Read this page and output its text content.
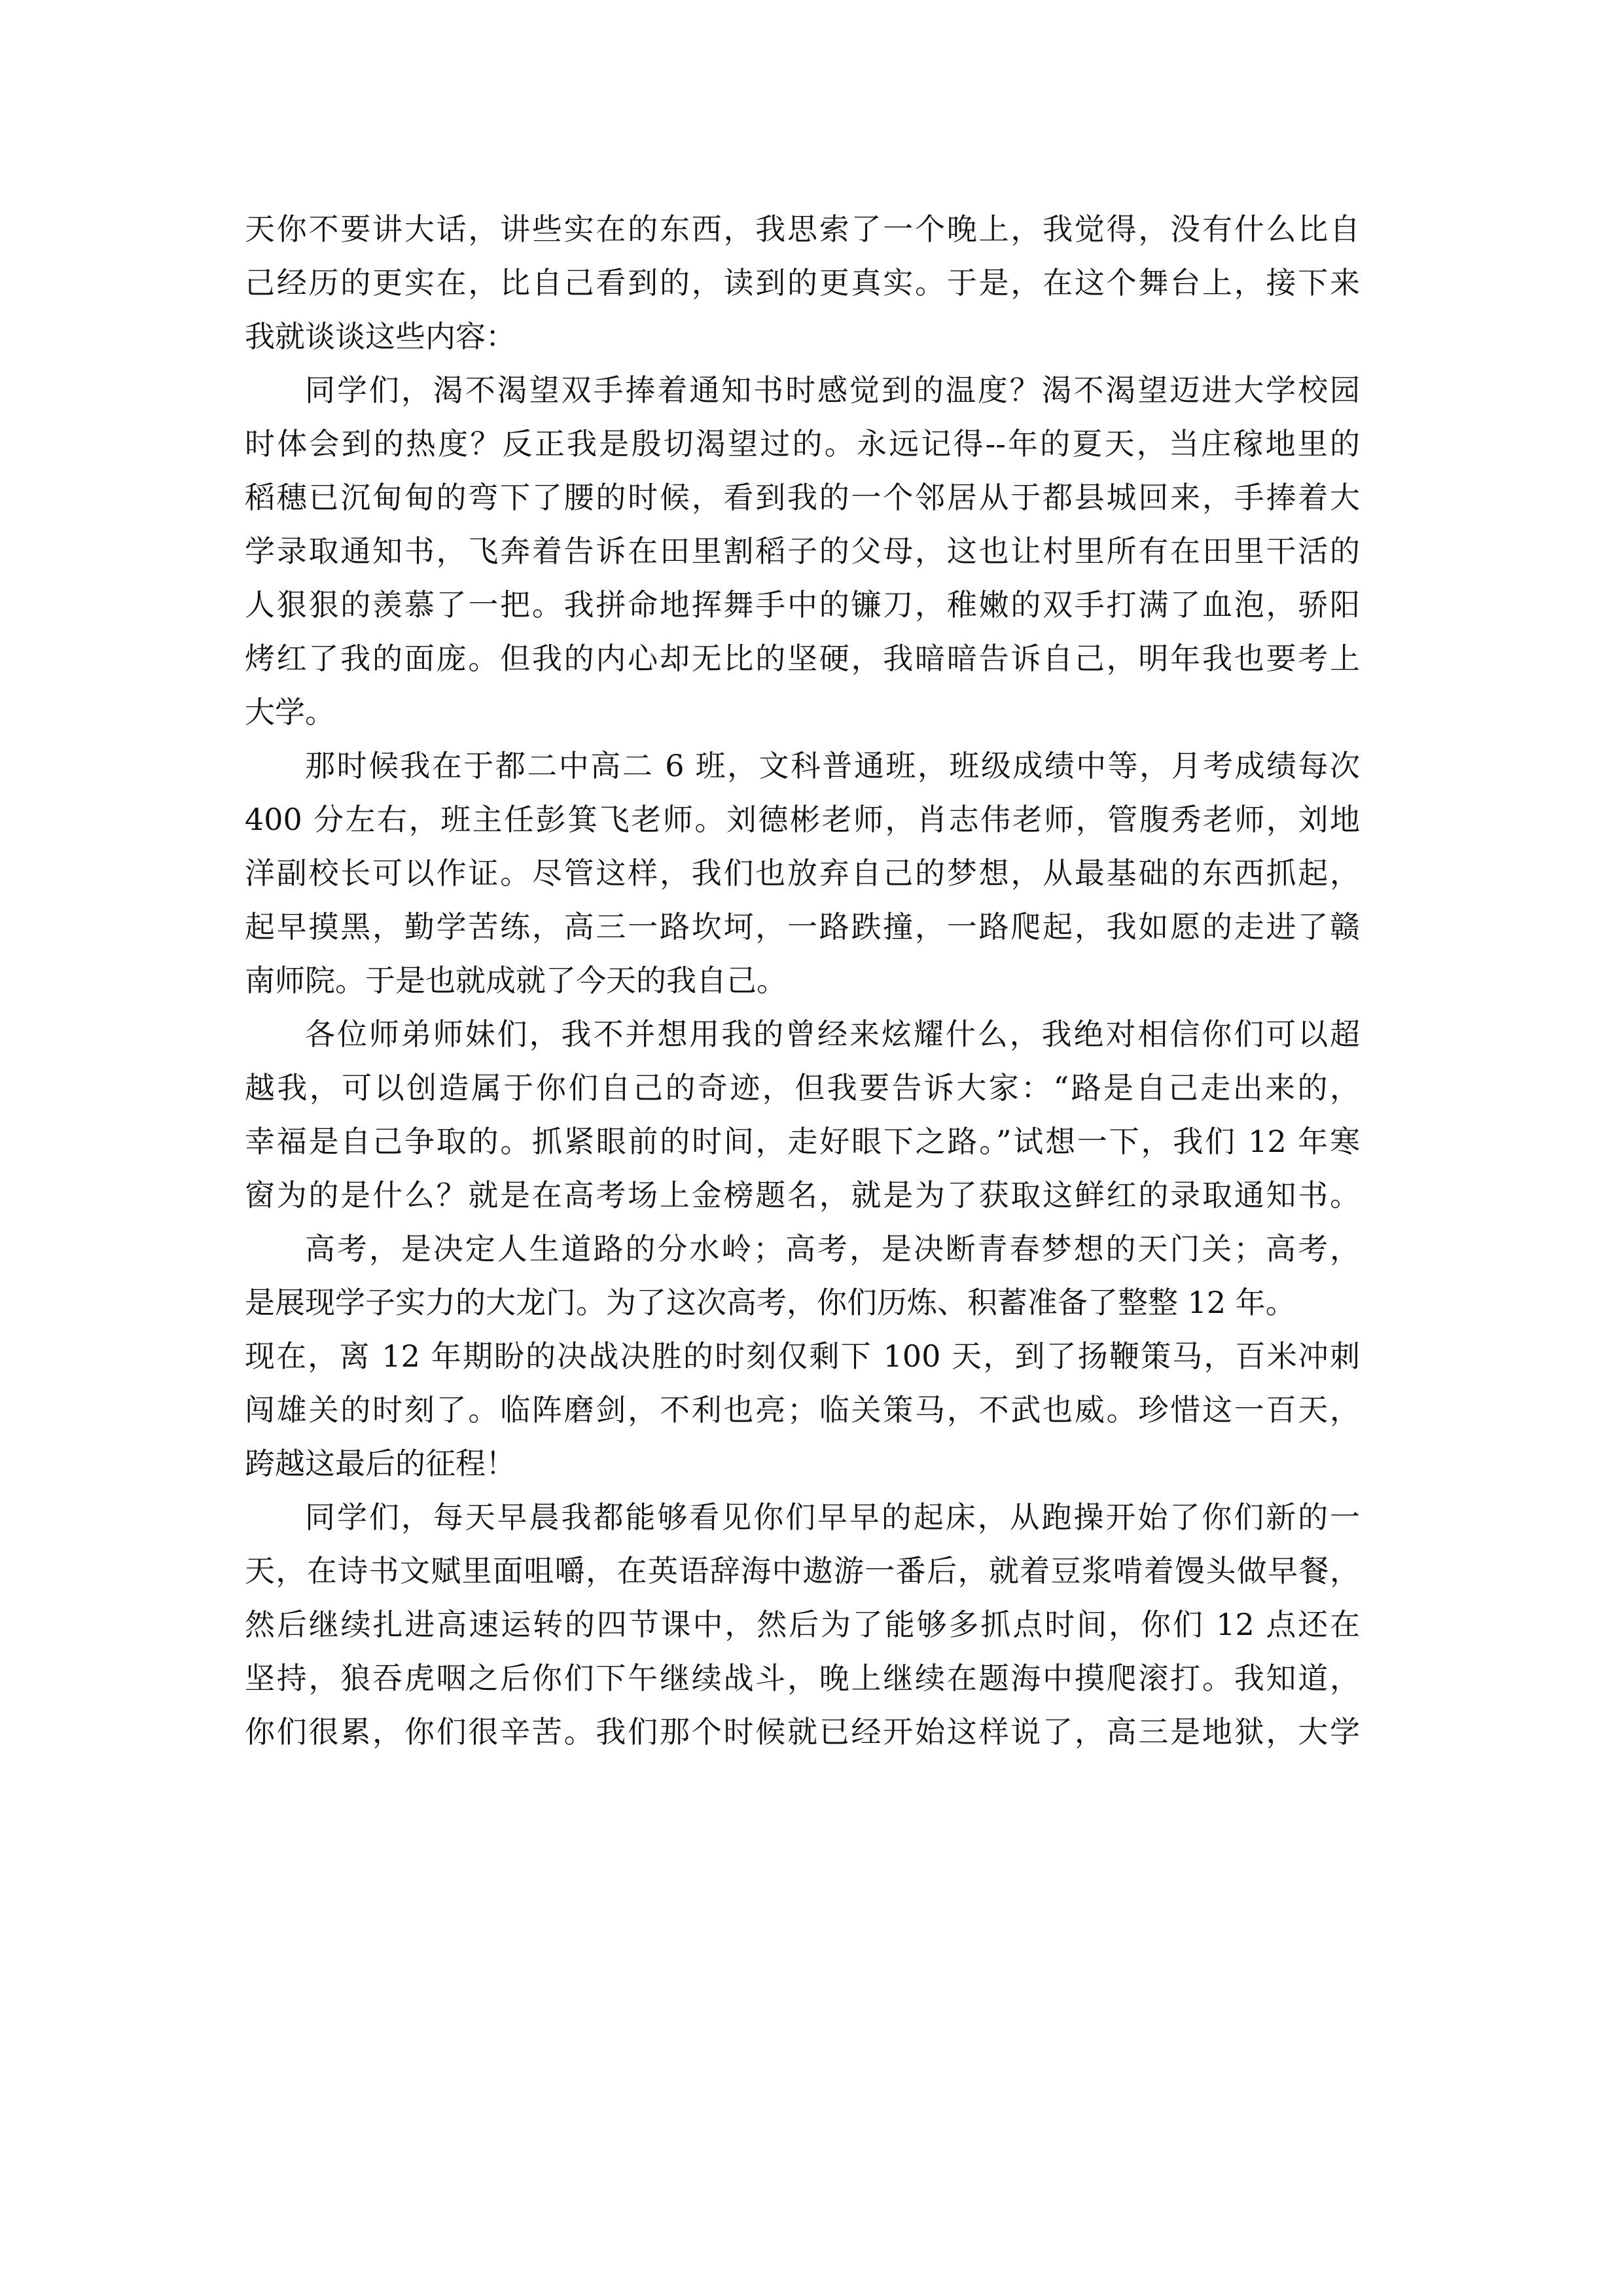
天你不要讲大话，讲些实在的东西，我思索了一个晚上，我觉得，没有什么比自
己经历的更实在，比自己看到的，读到的更真实。于是，在这个舞台上，接下来
我就谈谈这些内容：
同学们，渴不渴望双手捧着通知书时感觉到的温度？渴不渴望迈进大学校园
时体会到的热度？反正我是殷切渴望过的。永远记得--年的夏天，当庄稼地里的
稻穗已沉甸甸的弯下了腰的时候，看到我的一个邻居从于都县城回来，手捧着大
学录取通知书，飞奔着告诉在田里割稻子的父母，这也让村里所有在田里干活的
人狠狠的羡慕了一把。我拼命地挥舞手中的镰刀，稚嫩的双手打满了血泡，骄阳
烤红了我的面庞。但我的内心却无比的坚硬，我暗暗告诉自己，明年我也要考上
大学。
那时候我在于都二中高二 6 班，文科普通班，班级成绩中等，月考成绩每次
400 分左右，班主任彭箕飞老师。刘德彬老师，肖志伟老师，管腹秀老师，刘地
洋副校长可以作证。尽管这样，我们也放弃自己的梦想，从最基础的东西抓起，
起早摸黑，勤学苦练，高三一路坎坷，一路跌撞，一路爬起，我如愿的走进了赣
南师院。于是也就成就了今天的我自己。
各位师弟师妹们，我不并想用我的曾经来炫耀什么，我绝对相信你们可以超
越我，可以创造属于你们自己的奇迹，但我要告诉大家：“路是自己走出来的，
幸福是自己争取的。抓紧眼前的时间，走好眼下之路。”试想一下，我们 12 年寒
窗为的是什么？就是在高考场上金榜题名，就是为了获取这鲜红的录取通知书。
高考，是决定人生道路的分水岭；高考，是决断青春梦想的天门关；高考，
是展现学子实力的大龙门。为了这次高考，你们历炼、积蓄准备了整整 12 年。
现在，离 12 年期盼的决战决胜的时刻仅剩下 100 天，到了扬鞭策马，百米冲刺
闯雄关的时刻了。临阵磨剑，不利也亮；临关策马，不武也威。珍惜这一百天，
跨越这最后的征程！
同学们，每天早晨我都能够看见你们早早的起床，从跑操开始了你们新的一
天，在诗书文赋里面咀嚼，在英语辞海中遨游一番后，就着豆浆啃着馒头做早餐，
然后继续扎进高速运转的四节课中，然后为了能够多抓点时间，你们 12 点还在
坚持，狼吞虎咽之后你们下午继续战斗，晚上继续在题海中摸爬滚打。我知道，
你们很累，你们很辛苦。我们那个时候就已经开始这样说了，高三是地狱，大学
